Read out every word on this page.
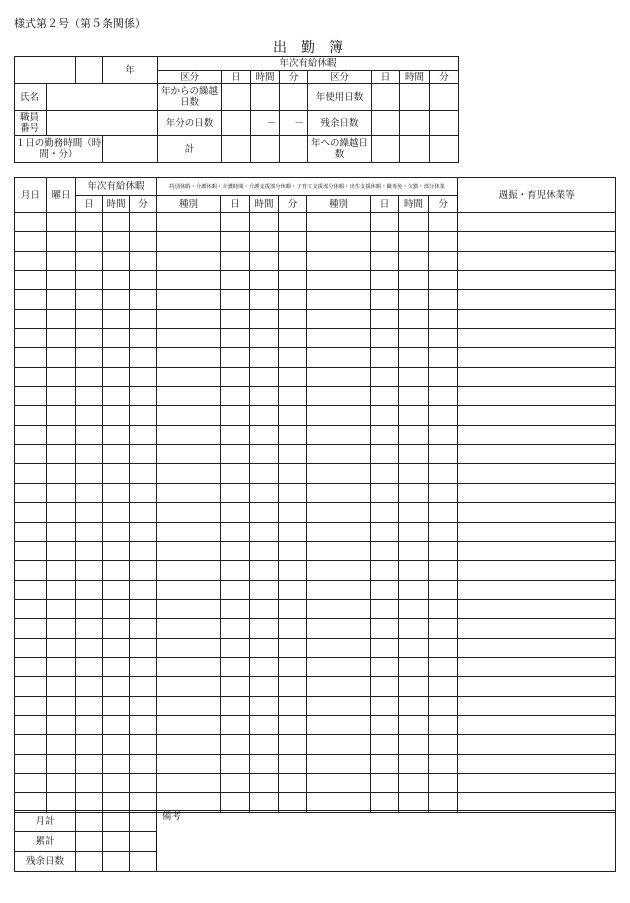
様式第２号（第５条関係）
出勤簿
			年	年次有給休暇							
				区分	日	時間	分	区分	日	時間	分
氏名				年からの繰越日数				年使用日数			
職員番号				年分の日数		－	－	残余日数			
１日の勤務時間（時間・分）				計				年への繰越日数			
月日	曜日	年次有給休暇			特別休暇・介護休暇・介護時間・介護支援部分休暇・子育て支援部分休暇・出生支援休暇・職専免・欠勤・部分休業								週振・育児休業等
		日	時間	分	種別	日	時間	分	種別	日	時間	分	

月計				備考
累計				
残余日数				
